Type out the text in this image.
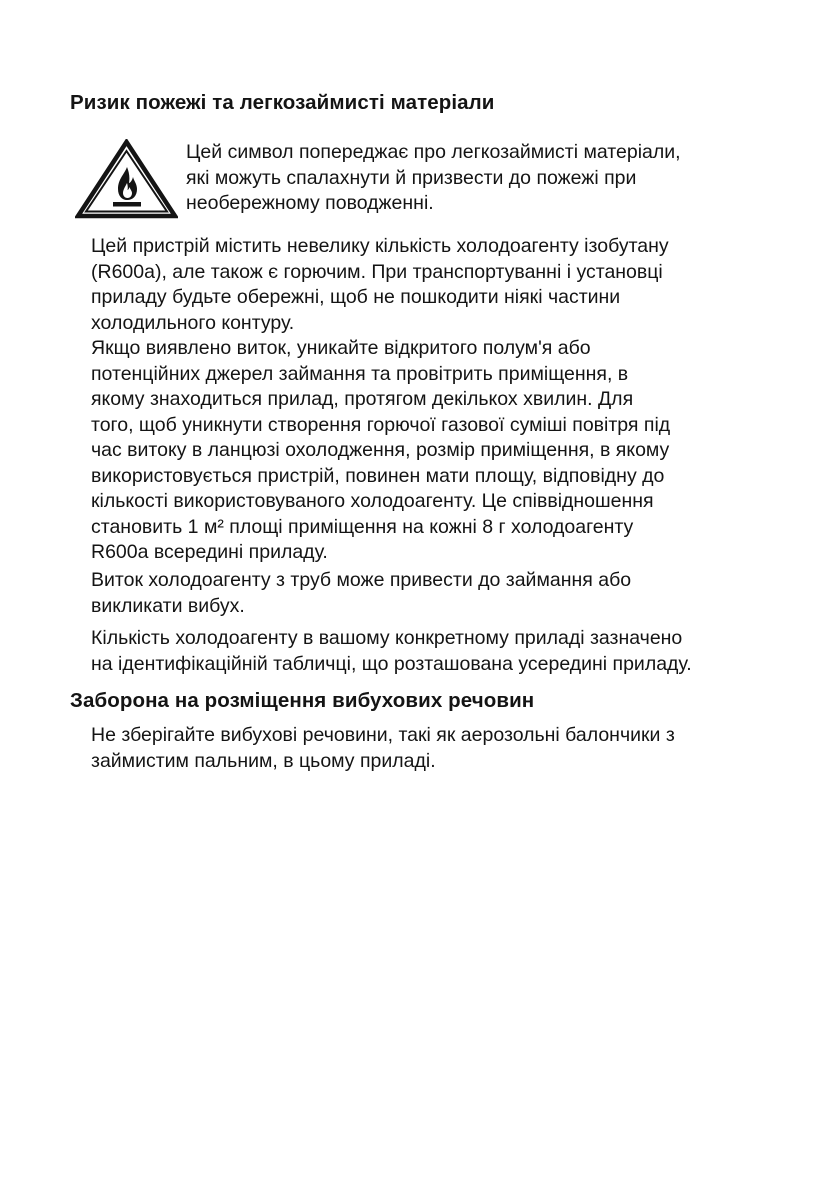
Ризик пожежі та легкозаймисті матеріали
Цей символ попереджає про легкозаймисті матеріали,
які можуть спалахнути й призвести до пожежі при
необережному поводженні.
Цей пристрій містить невелику кількість холодоагенту ізобутану
(R600a), але також є горючим. При транспортуванні і установці
приладу будьте обережні, щоб не пошкодити ніякі частини
холодильного контуру.
Якщо виявлено виток, уникайте відкритого полум'я або
потенційних джерел займання та провітрить приміщення, в
якому знаходиться прилад, протягом декількох хвилин. Для
того, щоб уникнути створення горючої газової суміші повітря під
час витоку в ланцюзі охолодження, розмір приміщення, в якому
використовується пристрій, повинен мати площу, відповідну до
кількості використовуваного холодоагенту. Це співвідношення
становить 1 м² площі приміщення на кожні 8 г холодоагенту
R600a всередині приладу.
Виток холодоагенту з труб може привести до займання або
викликати вибух.
Кількість холодоагенту в вашому конкретному приладі зазначено
на ідентифікаційній табличці, що розташована усередині приладу.
Заборона на розміщення вибухових речовин
Не зберігайте вибухові речовини, такі як аерозольні балончики з
займистим пальним, в цьому приладі.
